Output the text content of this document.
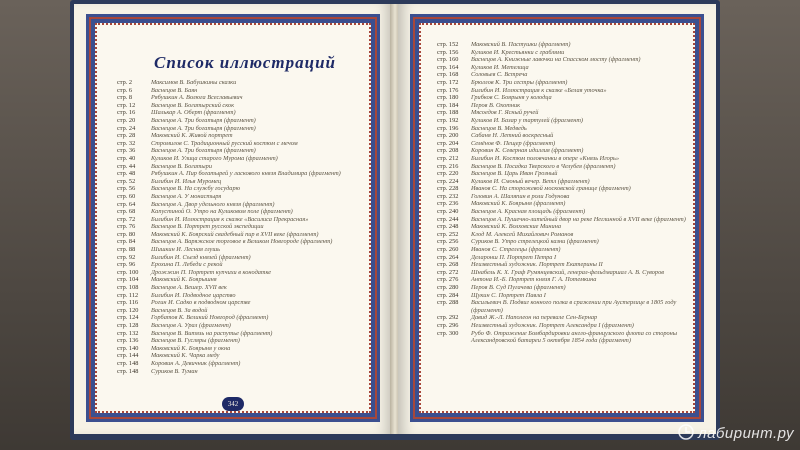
Список иллюстраций
стр. 2	Максимов В. Бабушкины сказки
стр. 6	Васнецов В. Баян
стр. 8	Рябушкин А. Волюга Всеславьевич
стр. 12	Васнецов В. Богатырский скок
стр. 16	Шалькар А. Оберт (фрагмент)
стр. 20	Васнецов А. Три богатыря (фрагмент)
стр. 24	Васнецов А. Три богатыря (фрагмент)
стр. 28	Маковский К. Живой портрет
стр. 32	Стромилов С. Традиционный русский костюм с мечом
стр. 36	Васнецов А. Три богатыря (фрагмент)
стр. 40	Куликов И. Улица старого Мурома (фрагмент)
стр. 44	Васнецов В. Богатыри
стр. 48	Рябушкин А. Пир богатырей у ласкового князя Владимира (фрагмент)
стр. 52	Билибин И. Илья Муромец
стр. 56	Васнецов В. На службу государю
стр. 60	Васнецов А. У монастыря
стр. 64	Васнецов А. Двор удельного князя (фрагмент)
стр. 68	Капустиной О. Утро на Куликовом поле (фрагмент)
стр. 72	Билибин И. Иллюстрация к сказке «Василиса Прекрасная»
стр. 76	Васнецов В. Портрет русской экспедиции
стр. 80	Маковский К. Боярский свадебный пир в XVII веке (фрагмент)
стр. 84	Васнецов А. Варяжское торговое в Великом Новгороде (фрагмент)
стр. 88	Шишкин И. Лесная глушь
стр. 92	Билибин И. Съезд князей (фрагмент)
стр. 96	Ерохина П. Лебеди с рекой
стр. 100	Дрожжин П. Портрет купчихи в конодатке
стр. 104	Маковский К. Боярышня
стр. 108	Васнецов А. Вешер. XVII век
стр. 112	Билибин И. Подводное царство
стр. 116	Рогин И. Садко в подводном царстве
стр. 120	Васнецов В. За водой
стр. 124	Горбатов К. Великий Новгород (фрагмент)
стр. 128	Васнецов А. Урал (фрагмент)
стр. 132	Васнецов В. Витязь на распутье (фрагмент)
стр. 136	Васнецов В. Гусляры (фрагмент)
стр. 140	Маковский К. Боярыня у окна
стр. 144	Маковский К. Чарка меду
стр. 148	Коровин А. Девичник (фрагмент)
стр. 148	Суриков В. Туман
342
стр. 152	Маковский В. Пастушки (фрагмент)
стр. 156	Куликов И. Крестьянки с граблями
стр. 160	Васнецов А. Книжные лавочки на Спасском мосту (фрагмент)
стр. 164	Куликов И. Метелица
стр. 168	Соловьев С. Встреча
стр. 172	Брюллов К. Три сестры (фрагмент)
стр. 176	Билибин И. Иллюстрация к сказке «Белая уточка»
стр. 180	Грибков С. Боярыня у колодца
стр. 184	Перов В. Охотник
стр. 188	Мясоедов Г. Ясный ручей
стр. 192	Куликов И. Базар у тартулей (фрагмент)
стр. 196	Васнецов В. Медведь
стр. 200	Сабаня Н. Летний воскресный
стр. 204	Семёнов Ф. Пещер (фрагмент)
стр. 208	Коровин К. Северная идиллия (фрагмент)
стр. 212	Билибин И. Костюм половчанки в опере «Князь Игорь»
стр. 216	Васнецов В. Посадка Тверского в Челубея (фрагмент)
стр. 220	Васнецов В. Царь Иван Грозный
стр. 224	Куликов И. Смоный вечер. Ветл (фрагмент)
стр. 228	Иванов С. На сторожевой московской границе (фрагмент)
стр. 232	Головин А. Шаляпин в роли Годунова
стр. 236	Маковский К. Боярыня (фрагмент)
стр. 240	Васнецов А. Красная площадь (фрагмент)
стр. 244	Васнецов А. Пушечно-литейный двор на реке Неглинной в XVII веке (фрагмент)
стр. 248	Маковский К. Волховские Минина
стр. 252	Клод М. Алексей Михайлович Романов
стр. 256	Суриков В. Утро стрелецкой казни (фрагмент)
стр. 260	Иванов С. Стрелецы (фрагмент)
стр. 264	Деларонш П. Портрет Петра I
стр. 268	Неизвестный художник. Портрет Екатерины II
стр. 272	Шнабель К. Х. Граф Румянцевский, генерал-фельдмаршал А. В. Суворов
стр. 276	Антона И.-Б. Портрет князя Г. А. Потемкина
стр. 280	Перов В. Суд Пугачева (фрагмент)
стр. 284	Щукин С. Портрет Павла I
стр. 288	Васильевич В. Подвиг конного полка в сражении при Аустерлице в 1805 году (фрагмент)
стр. 292	Давид Ж.-Л. Наполеон на перевале Сен-Бернар
стр. 296	Неизвестный художник. Портрет Александра I (фрагмент)
стр. 300	Рубо Ф. Отражение Бомбардировки англо-французского флота со стороны Александровской батареи 5 октября 1854 года (фрагмент)
лабиринт.ру
